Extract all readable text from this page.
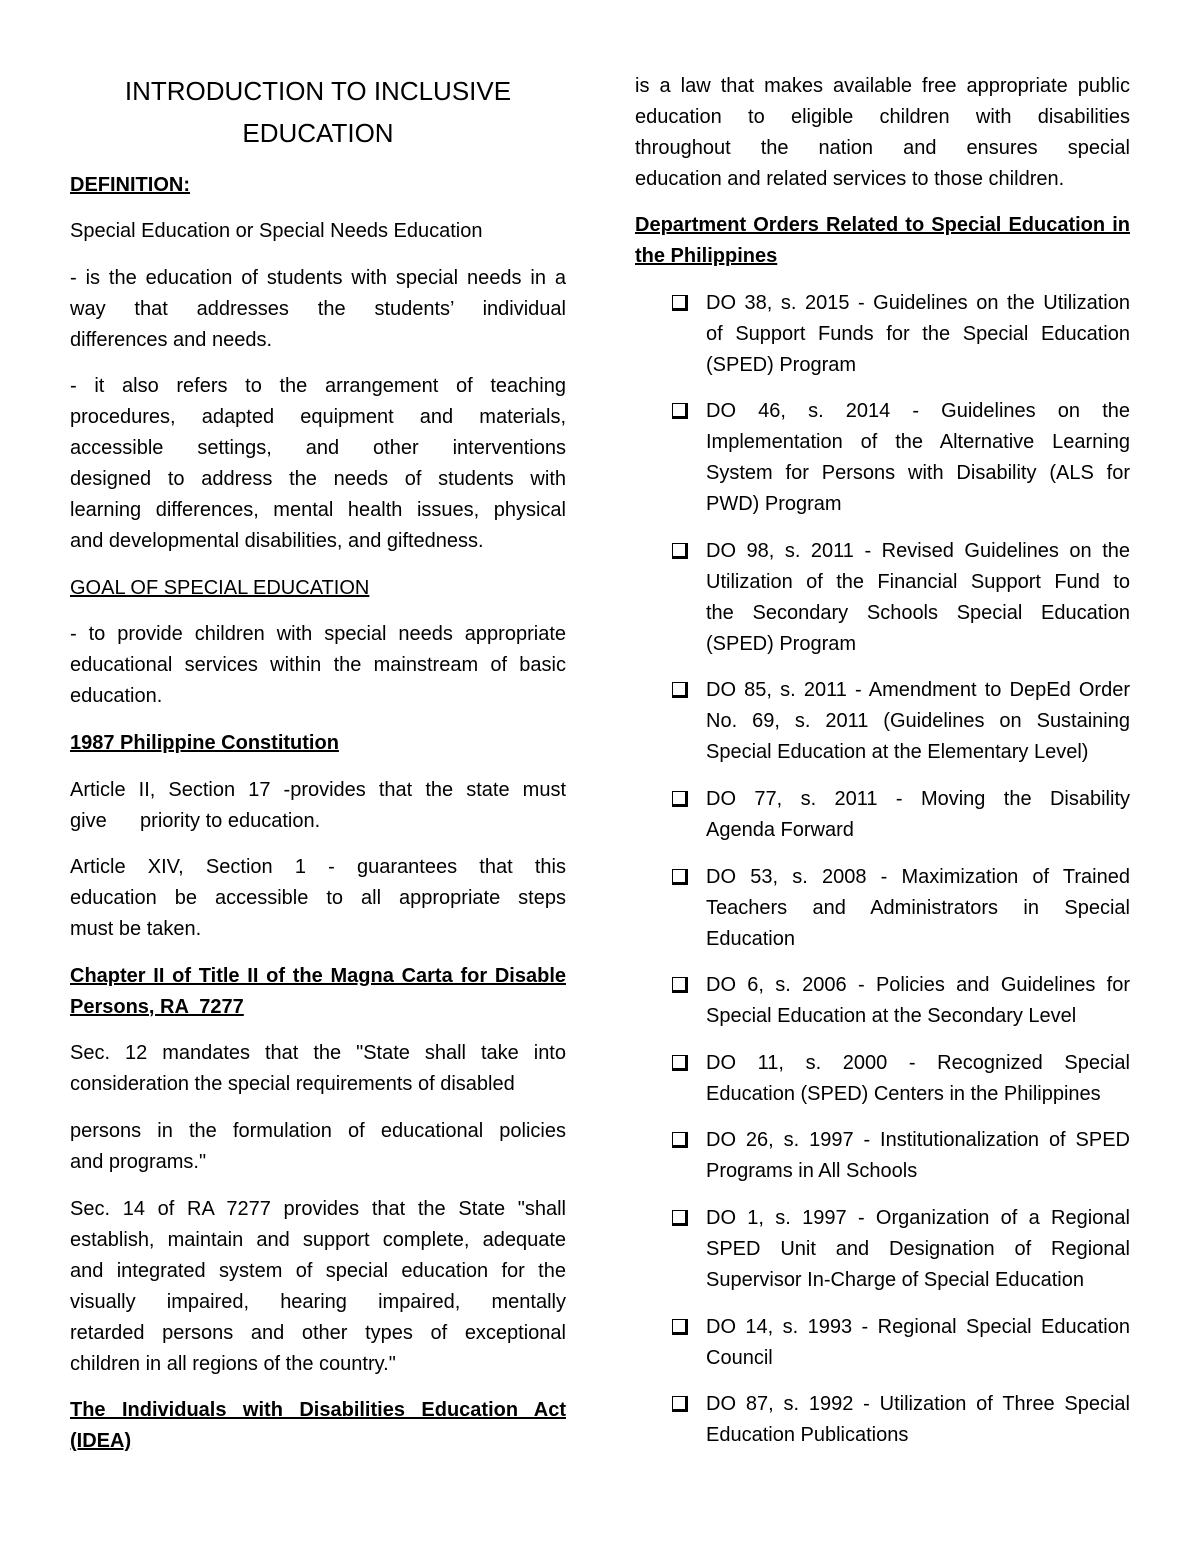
INTRODUCTION TO INCLUSIVE
EDUCATION
DEFINITION:
Special Education or Special Needs Education
- is the education of students with special needs in a
way that addresses the students’ individual
differences and needs.
- it also refers to the arrangement of teaching
procedures, adapted equipment and materials,
accessible settings, and other interventions
designed to address the needs of students with
learning differences, mental health issues, physical
and developmental disabilities, and giftedness.
GOAL OF SPECIAL EDUCATION
- to provide children with special needs appropriate
educational services within the mainstream of basic
education.
1987 Philippine Constitution
Article II, Section 17 -provides that the state must
give      priority to education.
Article XIV, Section 1 - guarantees that this
education be accessible to all appropriate steps
must be taken.
Chapter II of Title II of the Magna Carta for Disable
Persons, RA  7277
Sec. 12 mandates that the "State shall take into
consideration the special requirements of disabled
persons in the formulation of educational policies
and programs."
Sec. 14 of RA 7277 provides that the State "shall
establish, maintain and support complete, adequate
and integrated system of special education for the
visually impaired, hearing impaired, mentally
retarded persons and other types of exceptional
children in all regions of the country."
The Individuals with Disabilities Education Act
(IDEA)
is a law that makes available free appropriate public
education to eligible children with disabilities
throughout the nation and ensures special
education and related services to those children.
Department Orders Related to Special Education in
the Philippines
DO 38, s. 2015 - Guidelines on the Utilization
of Support Funds for the Special Education
(SPED) Program
DO 46, s. 2014 - Guidelines on the
Implementation of the Alternative Learning
System for Persons with Disability (ALS for
PWD) Program
DO 98, s. 2011 - Revised Guidelines on the
Utilization of the Financial Support Fund to
the Secondary Schools Special Education
(SPED) Program
DO 85, s. 2011 - Amendment to DepEd Order
No. 69, s. 2011 (Guidelines on Sustaining
Special Education at the Elementary Level)
DO 77, s. 2011 - Moving the Disability
Agenda Forward
DO 53, s. 2008 - Maximization of Trained
Teachers and Administrators in Special
Education
DO 6, s. 2006 - Policies and Guidelines for
Special Education at the Secondary Level
DO 11, s. 2000 - Recognized Special
Education (SPED) Centers in the Philippines
DO 26, s. 1997 - Institutionalization of SPED
Programs in All Schools
DO 1, s. 1997 - Organization of a Regional
SPED Unit and Designation of Regional
Supervisor In-Charge of Special Education
DO 14, s. 1993 - Regional Special Education
Council
DO 87, s. 1992 - Utilization of Three Special
Education Publications
